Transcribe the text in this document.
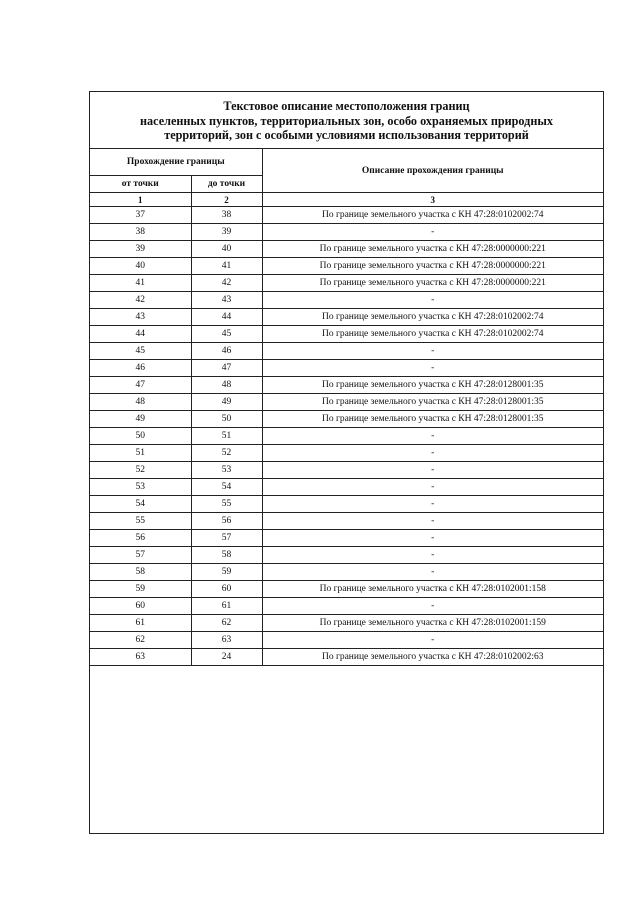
Текстовое описание местоположения границ
населенных пунктов, территориальных зон, особо охраняемых природных
территорий, зон с особыми условиями использования территорий
Прохождение границы		Описание прохождения границы
от точки	до точки	
1	2	3
37	38	По границе земельного участка с КН 47:28:0102002:74
38	39	-
39	40	По границе земельного участка с КН 47:28:0000000:221
40	41	По границе земельного участка с КН 47:28:0000000:221
41	42	По границе земельного участка с КН 47:28:0000000:221
42	43	-
43	44	По границе земельного участка с КН 47:28:0102002:74
44	45	По границе земельного участка с КН 47:28:0102002:74
45	46	-
46	47	-
47	48	По границе земельного участка с КН 47:28:0128001:35
48	49	По границе земельного участка с КН 47:28:0128001:35
49	50	По границе земельного участка с КН 47:28:0128001:35
50	51	-
51	52	-
52	53	-
53	54	-
54	55	-
55	56	-
56	57	-
57	58	-
58	59	-
59	60	По границе земельного участка с КН 47:28:0102001:158
60	61	-
61	62	По границе земельного участка с КН 47:28:0102001:159
62	63	-
63	24	По границе земельного участка с КН 47:28:0102002:63
